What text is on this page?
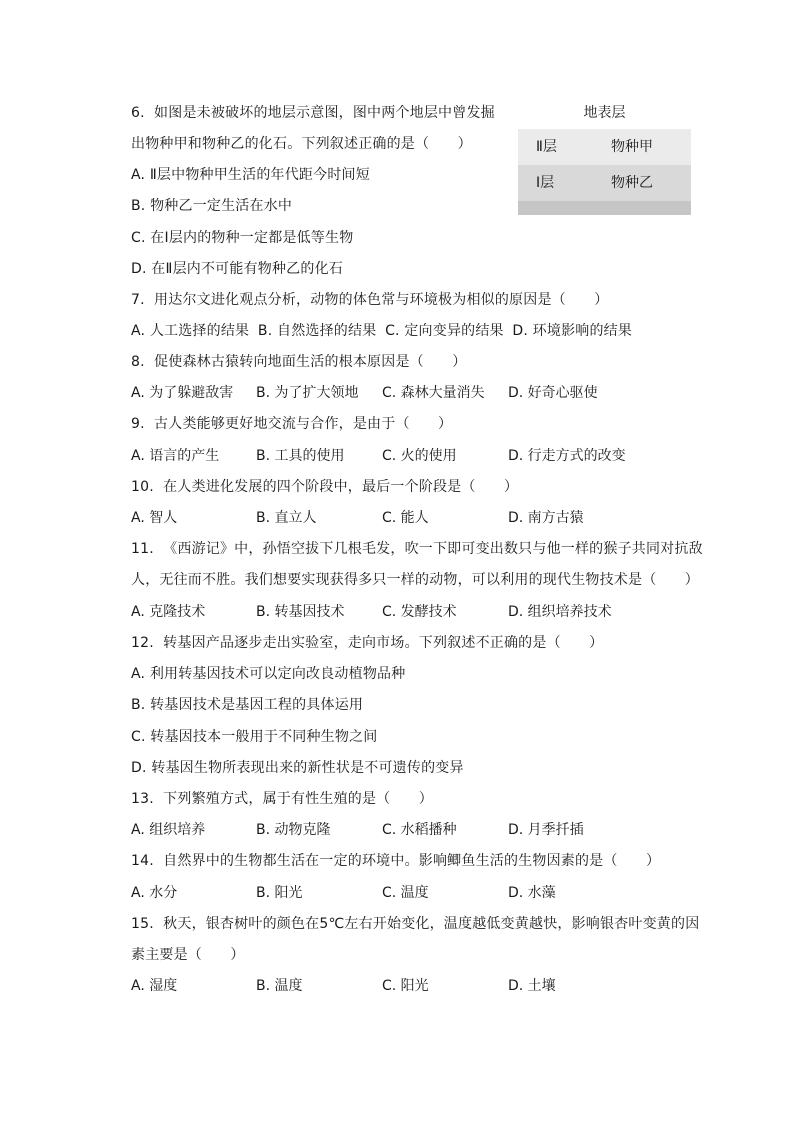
6.  如图是未被破坏的地层示意图，图中两个地层中曾发掘
出物种甲和物种乙的化石。下列叙述正确的是（　　）
A. Ⅱ层中物种甲生活的年代距今时间短
B. 物种乙一定生活在水中
C. 在Ⅰ层内的物种一定都是低等生物
D. 在Ⅱ层内不可能有物种乙的化石
地表层
Ⅱ层	物种甲
Ⅰ层	物种乙
7.  用达尔文进化观点分析，动物的体色常与环境极为相似的原因是（　　）
A. 人工选择的结果 B. 自然选择的结果 C. 定向变异的结果 D. 环境影响的结果
8.  促使森林古猿转向地面生活的根本原因是（　　）
A. 为了躲避敌害 B. 为了扩大领地 C. 森林大量消失 D. 好奇心驱使
9.  古人类能够更好地交流与合作，是由于（　　）
A. 语言的产生	B. 工具的使用	C. 火的使用	D. 行走方式的改变
10.  在人类进化发展的四个阶段中，最后一个阶段是（　　）
A. 智人	B. 直立人	C. 能人	D. 南方古猿
11.  《西游记》中，孙悟空拔下几根毛发，吹一下即可变出数只与他一样的猴子共同对抗敌
人，无往而不胜。我们想要实现获得多只一样的动物，可以利用的现代生物技术是（　　）
A. 克隆技术	B. 转基因技术	C. 发酵技术	D. 组织培养技术
12.  转基因产品逐步走出实验室，走向市场。下列叙述不正确的是（　　）
A. 利用转基因技术可以定向改良动植物品种
B. 转基因技术是基因工程的具体运用
C. 转基因技本一般用于不同种生物之间
D. 转基因生物所表现出来的新性状是不可遗传的变异
13.  下列繁殖方式，属于有性生殖的是（　　）
A. 组织培养	B. 动物克隆	C. 水稻播种	D. 月季扦插
14.  自然界中的生物都生活在一定的环境中。影响鲫鱼生活的生物因素的是（　　）
A. 水分	B. 阳光	C. 温度	D. 水藻
15.  秋天，银杏树叶的颜色在5℃左右开始变化，温度越低变黄越快，影响银杏叶变黄的因
素主要是（　　）
A. 湿度	B. 温度	C. 阳光	D. 土壤
